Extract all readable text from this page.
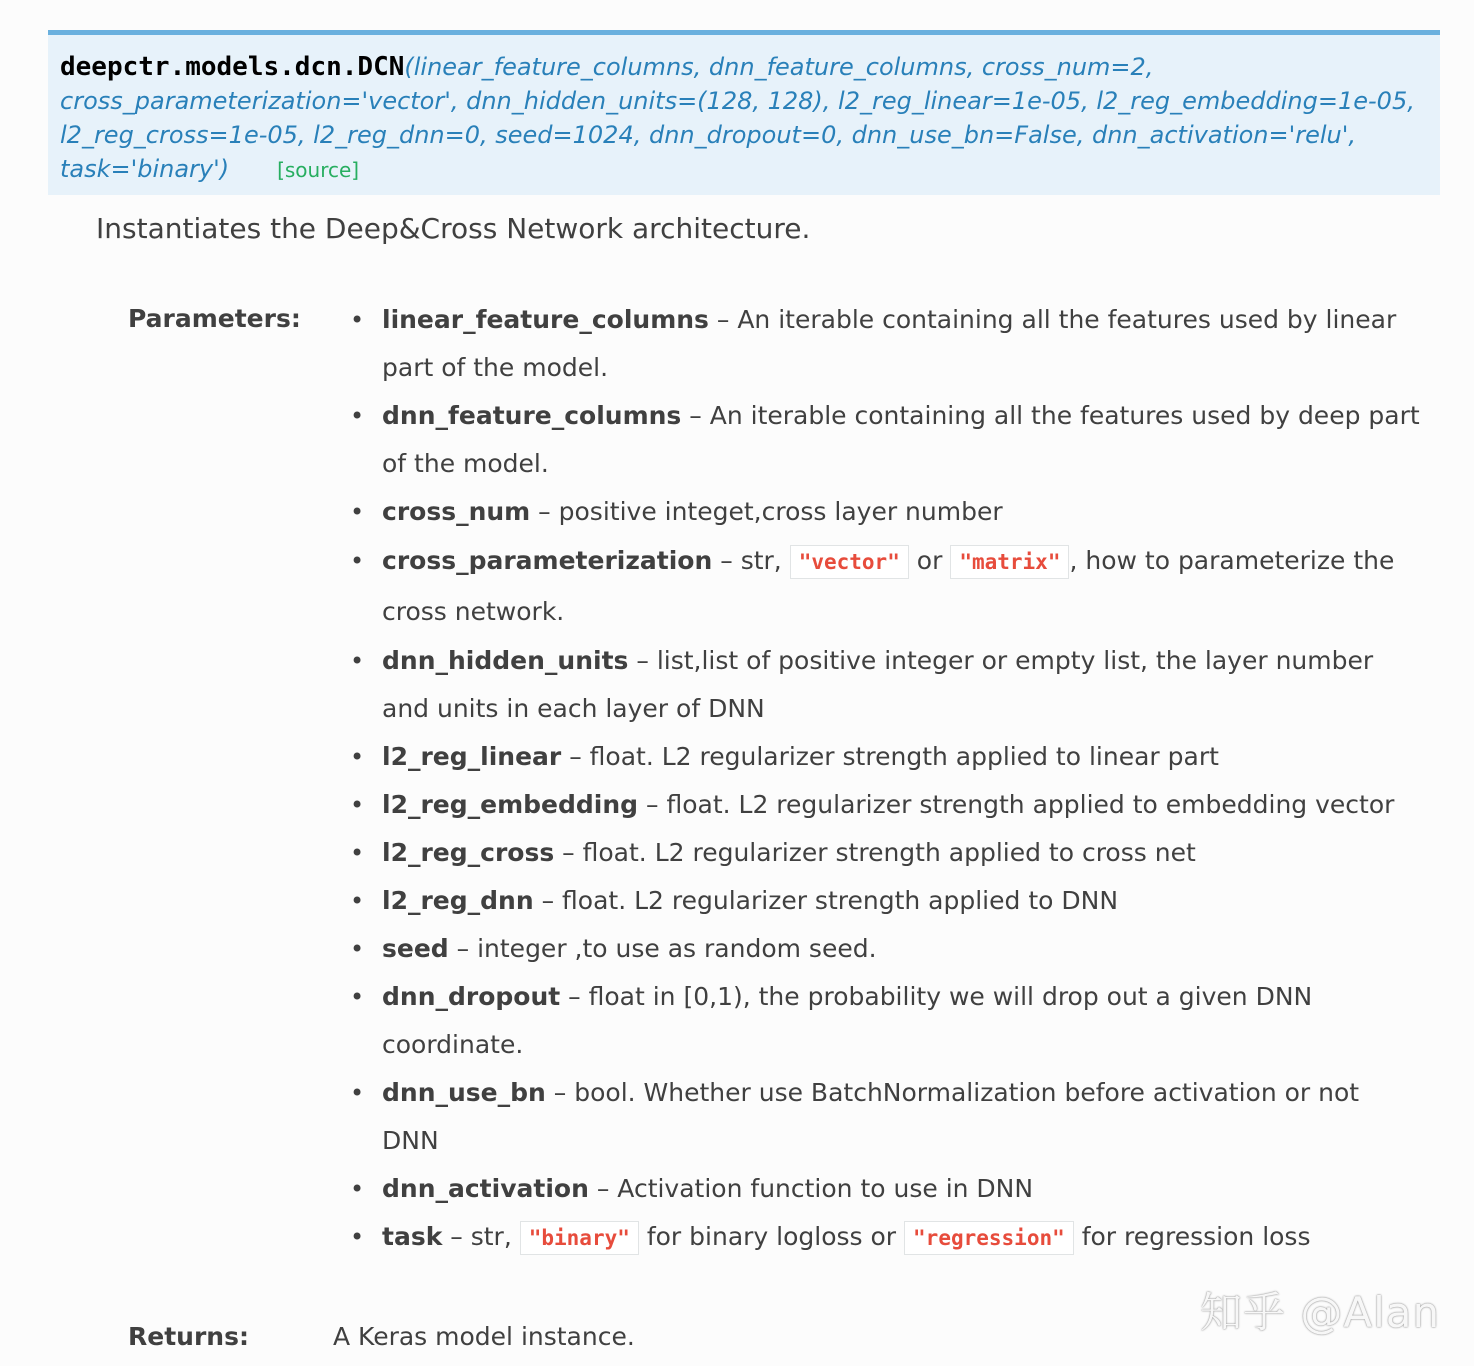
deepctr.models.dcn.DCN(linear_feature_columns, dnn_feature_columns, cross_num=2, cross_parameterization='vector', dnn_hidden_units=(128, 128), l2_reg_linear=1e-05, l2_reg_embedding=1e-05, l2_reg_cross=1e-05, l2_reg_dnn=0, seed=1024, dnn_dropout=0, dnn_use_bn=False, dnn_activation='relu', task='binary') [source]
Instantiates the Deep&Cross Network architecture.
Parameters:
•	linear_feature_columns – An iterable containing all the features used by linear part of the model.
• dnn_feature_columns – An iterable containing all the features used by deep part of the model.
• cross_num – positive integet,cross layer number
• cross_parameterization – str, "vector" or "matrix" , how to parameterize the cross network.
• dnn_hidden_units – list,list of positive integer or empty list, the layer number and units in each layer of DNN
• l2_reg_linear – float. L2 regularizer strength applied to linear part
• l2_reg_embedding – float. L2 regularizer strength applied to embedding vector
• l2_reg_cross – float. L2 regularizer strength applied to cross net
• l2_reg_dnn – float. L2 regularizer strength applied to DNN
• seed – integer ,to use as random seed.
• dnn_dropout – float in [0,1), the probability we will drop out a given DNN coordinate.
• dnn_use_bn – bool. Whether use BatchNormalization before activation or not DNN
• dnn_activation – Activation function to use in DNN
• task – str, "binary" for binary logloss or "regression" for regression loss
Returns:	A Keras model instance.	知乎 @Alan
